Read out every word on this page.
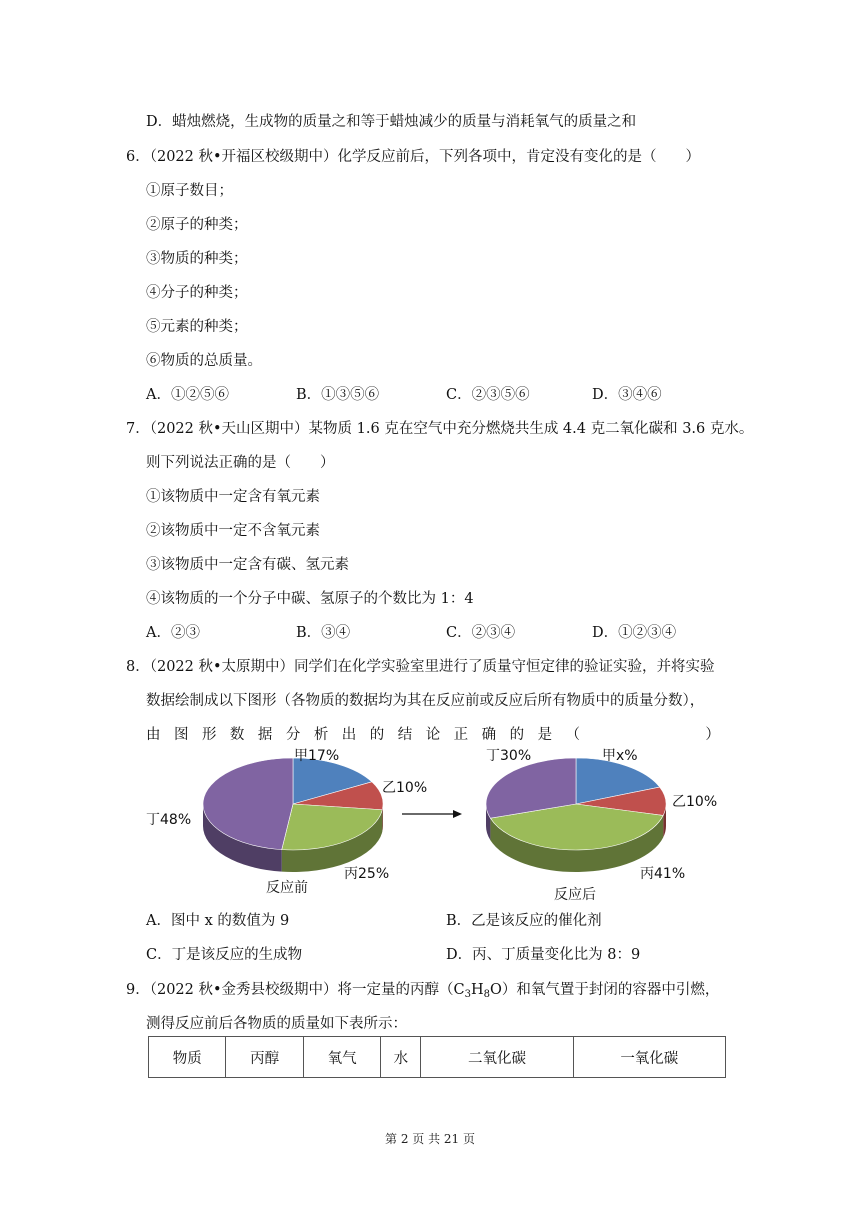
D．蜡烛燃烧，生成物的质量之和等于蜡烛减少的质量与消耗氧气的质量之和
6．（2022 秋•开福区校级期中）化学反应前后，下列各项中，肯定没有变化的是（　　）
①原子数目；
②原子的种类；
③物质的种类；
④分子的种类；
⑤元素的种类；
⑥物质的总质量。
A．①②⑤⑥	B．①③⑤⑥	C．②③⑤⑥	D．③④⑥
7．（2022 秋•天山区期中）某物质 1.6 克在空气中充分燃烧共生成 4.4 克二氧化碳和 3.6 克水。
则下列说法正确的是（　　）
①该物质中一定含有氧元素
②该物质中一定不含氧元素
③该物质中一定含有碳、氢元素
④该物质的一个分子中碳、氢原子的个数比为 1：4
A．②③	B．③④	C．②③④	D．①②③④
8．（2022 秋•太原期中）同学们在化学实验室里进行了质量守恒定律的验证实验，并将实验
数据绘制成以下图形（各物质的数据均为其在反应前或反应后所有物质中的质量分数），
由 图 形 数 据 分 析 出 的 结 论 正 确 的 是 （

　	）
甲17%
乙10%
丙25%
丁48%
反应前
甲x%
乙10%
丙41%
丁30%
反应后
A．图中 x 的数值为 9	B．乙是该反应的催化剂
C．丁是该反应的生成物	D．丙、丁质量变化比为 8：9
9．（2022 秋•金秀县校级期中）将一定量的丙醇$(C_3H_8O)$和氧气置于封闭的容器中引燃，
测得反应前后各物质的质量如下表所示：
物质	丙醇	氧气	水	二氧化碳	一氧化碳
第 2 页 共 21 页
